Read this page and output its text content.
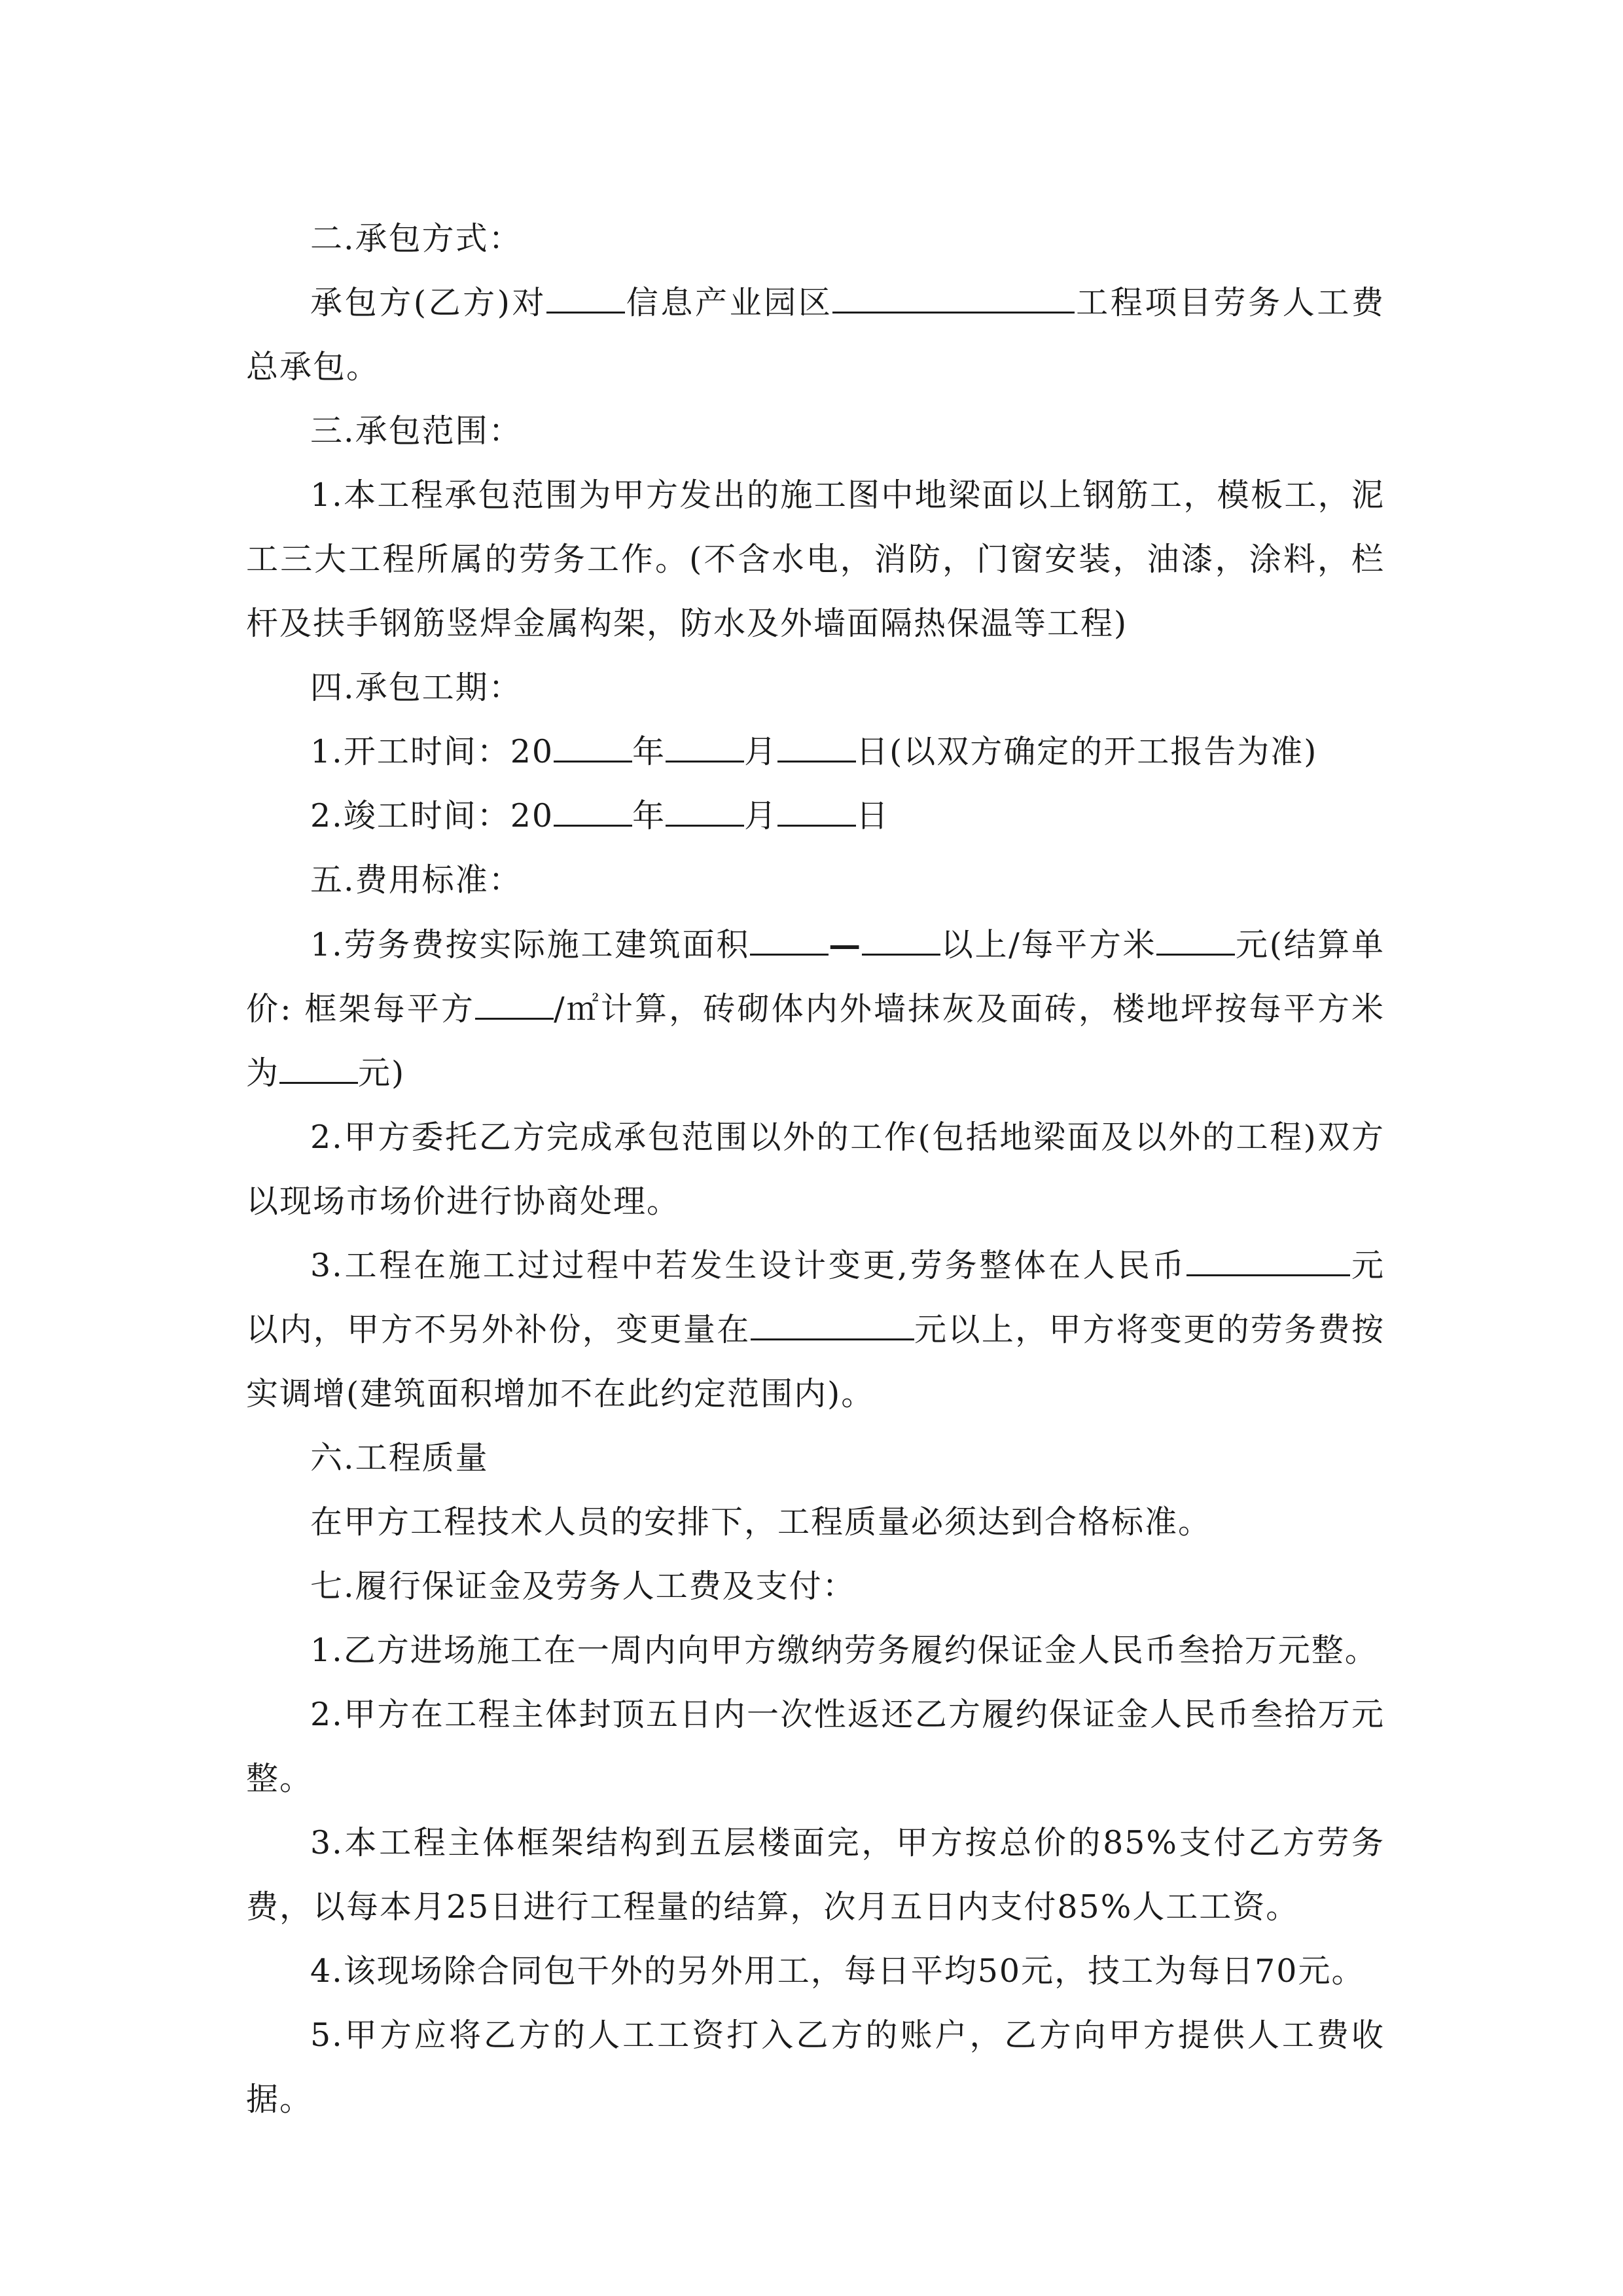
二.承包方式：

承包方(乙方)对 信息产业园区	工程项目劳务人工费总承包。

三.承包范围：

1.本工程承包范围为甲方发出的施工图中地梁面以上钢筋工，模板工，泥工三大工程所属的劳务工作。(不含水电，消防，门窗安装，油漆，涂料，栏杆及扶手钢筋竖焊金属构架，防水及外墙面隔热保温等工程)

四.承包工期：

1.开工时间：20 年 月 日(以双方确定的开工报告为准)

2.竣工时间：20 年 月 日

五.费用标准：

1.劳务费按实际施工建筑面积 — 以上/每平方米 元(结算单价: 框架每平方 /㎡计算，砖砌体内外墙抹灰及面砖，楼地坪按每平方米为 元)

2.甲方委托乙方完成承包范围以外的工作(包括地梁面及以外的工程)双方以现场市场价进行协商处理。

3.工程在施工过过程中若发生设计变更,劳务整体在人民币	元以内，甲方不另外补份，变更量在	元以上，甲方将变更的劳务费按实调增(建筑面积增加不在此约定范围内)。

六.工程质量

在甲方工程技术人员的安排下，工程质量必须达到合格标准。

七.履行保证金及劳务人工费及支付：

1.乙方进场施工在一周内向甲方缴纳劳务履约保证金人民币叁拾万元整。

2.甲方在工程主体封顶五日内一次性返还乙方履约保证金人民币叁拾万元整。

3.本工程主体框架结构到五层楼面完，甲方按总价的85%支付乙方劳务费，以每本月25日进行工程量的结算，次月五日内支付85%人工工资。

4.该现场除合同包干外的另外用工，每日平均50元，技工为每日70元。

5.甲方应将乙方的人工工资打入乙方的账户，乙方向甲方提供人工费收据。
